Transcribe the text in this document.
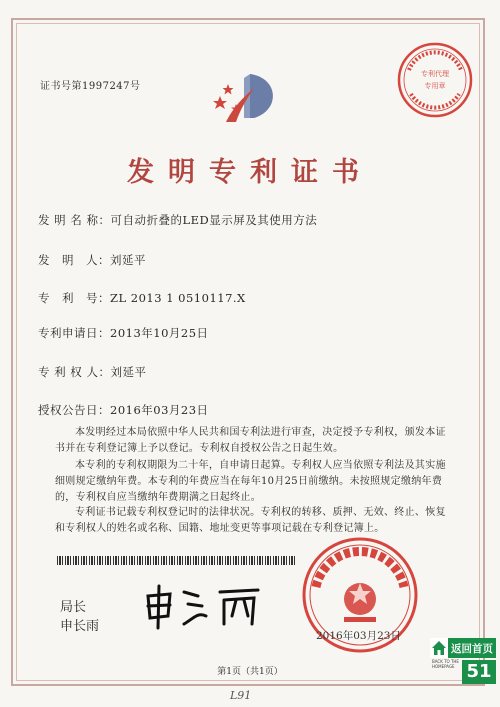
证书号第1997247号
专利代理
专用章
发明专利证书
发 明 名 称：可自动折叠的LED显示屏及其使用方法
发　明　人：刘延平
专　利　号：ZL 2013 1 0510117.X
专利申请日：2013年10月25日
专 利 权 人：刘延平
授权公告日：2016年03月23日
本发明经过本局依照中华人民共和国专利法进行审查，决定授予专利权，颁发本证书并在专利登记簿上予以登记。专利权自授权公告之日起生效。
本专利的专利权期限为二十年，自申请日起算。专利权人应当依照专利法及其实施细则规定缴纳年费。本专利的年费应当在每年10月25日前缴纳。未按照规定缴纳年费的，专利权自应当缴纳年费期满之日起终止。
专利证书记载专利权登记时的法律状况。专利权的转移、质押、无效、终止、恢复和专利权人的姓名或名称、国籍、地址变更等事项记载在专利登记簿上。
局长
申长雨
2016年03月23日
第1页（共1页）
L91
返回首页
BACK TO THE HOMEPAGE 51
